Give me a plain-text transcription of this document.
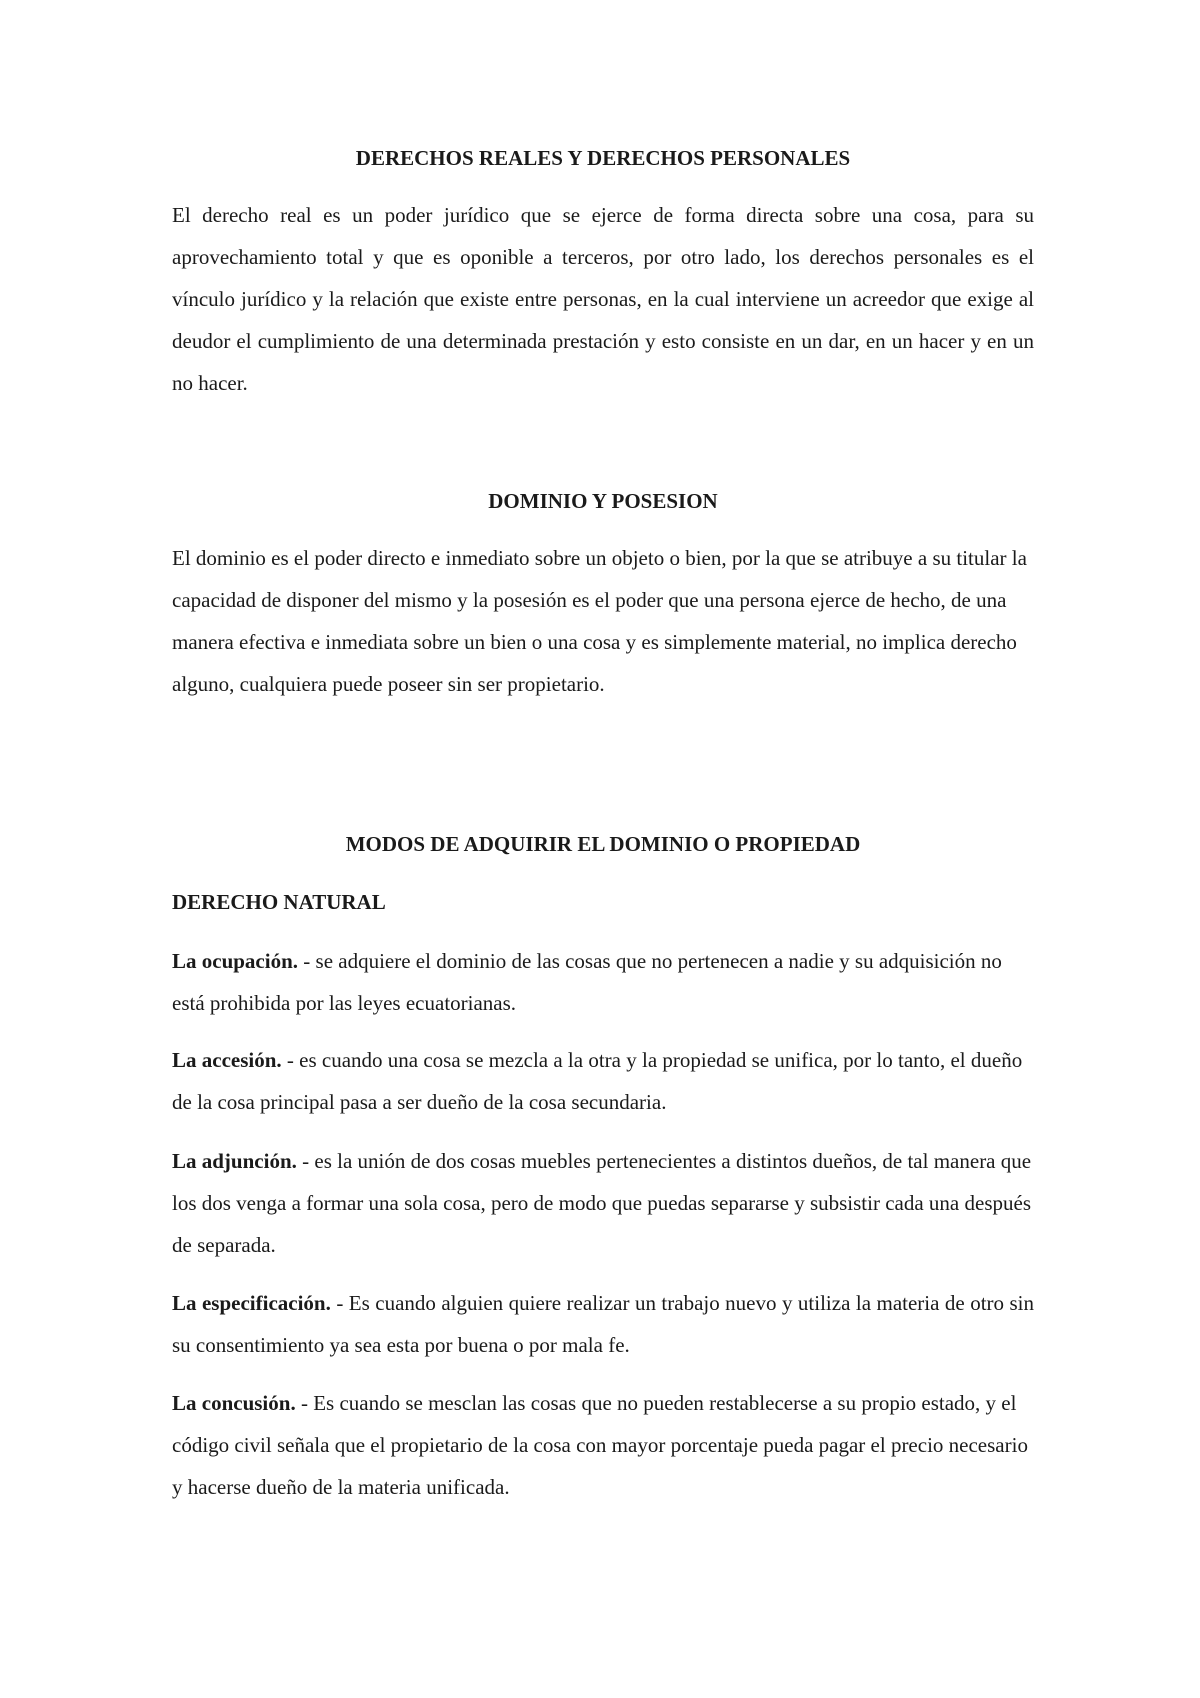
DERECHOS REALES Y DERECHOS PERSONALES

El derecho real es un poder jurídico que se ejerce de forma directa sobre una cosa, para su aprovechamiento total y que es oponible a terceros, por otro lado, los derechos personales es el vínculo jurídico y la relación que existe entre personas, en la cual interviene un acreedor que exige al deudor el cumplimiento de una determinada prestación y esto consiste en un dar, en un hacer y en un no hacer.

DOMINIO Y POSESION

El dominio es el poder directo e inmediato sobre un objeto o bien, por la que se atribuye a su titular la capacidad de disponer del mismo y la posesión es el poder que una persona ejerce de hecho, de una manera efectiva e inmediata sobre un bien o una cosa y es simplemente material, no implica derecho alguno, cualquiera puede poseer sin ser propietario.

MODOS DE ADQUIRIR EL DOMINIO O PROPIEDAD
DERECHO NATURAL

La ocupación. - se adquiere el dominio de las cosas que no pertenecen a nadie y su adquisición no está prohibida por las leyes ecuatorianas.

La accesión. - es cuando una cosa se mezcla a la otra y la propiedad se unifica, por lo tanto, el dueño de la cosa principal pasa a ser dueño de la cosa secundaria.

La adjunción. - es la unión de dos cosas muebles pertenecientes a distintos dueños, de tal manera que los dos venga a formar una sola cosa, pero de modo que puedas separarse y subsistir cada una después de separada.

La especificación. - Es cuando alguien quiere realizar un trabajo nuevo y utiliza la materia de otro sin su consentimiento ya sea esta por buena o por mala fe.

La concusión. - Es cuando se mesclan las cosas que no pueden restablecerse a su propio estado, y el código civil señala que el propietario de la cosa con mayor porcentaje pueda pagar el precio necesario y hacerse dueño de la materia unificada.
